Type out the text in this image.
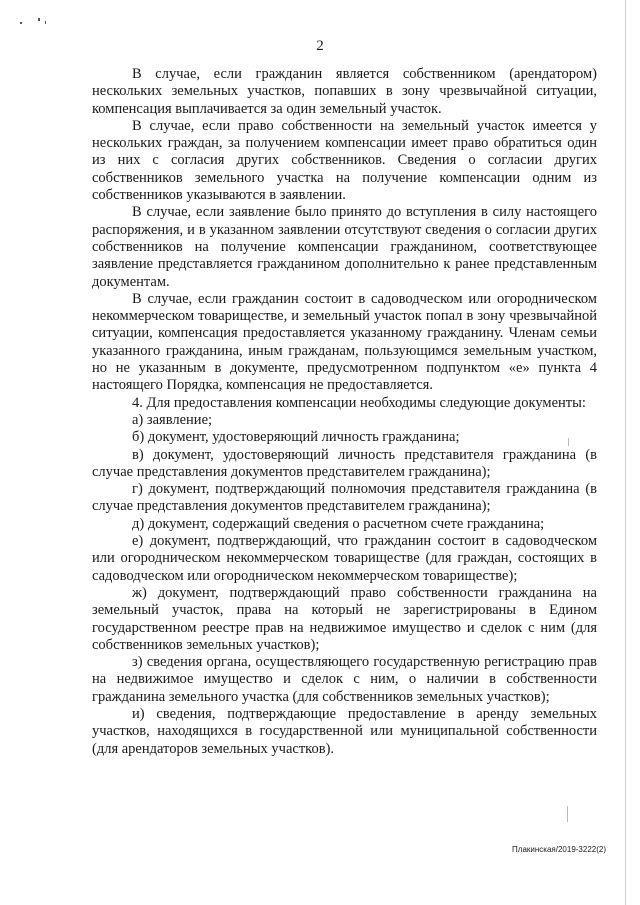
2

В случае, если гражданин является собственником (арендатором) нескольких земельных участков, попавших в зону чрезвычайной ситуации, компенсация выплачивается за один земельный участок.

В случае, если право собственности на земельный участок имеется у нескольких граждан, за получением компенсации имеет право обратиться один из них с согласия других собственников. Сведения о согласии других собственников земельного участка на получение компенсации одним из собственников указываются в заявлении.

В случае, если заявление было принято до вступления в силу настоящего распоряжения, и в указанном заявлении отсутствуют сведения о согласии других собственников на получение компенсации гражданином, соответствующее заявление представляется гражданином дополнительно к ранее представленным документам.

В случае, если гражданин состоит в садоводческом или огородническом некоммерческом товариществе, и земельный участок попал в зону чрезвычайной ситуации, компенсация предоставляется указанному гражданину. Членам семьи указанного гражданина, иным гражданам, пользующимся земельным участком, но не указанным в документе, предусмотренном подпунктом «е» пункта 4 настоящего Порядка, компенсация не предоставляется.

4. Для предоставления компенсации необходимы следующие документы:

а) заявление;

б) документ, удостоверяющий личность гражданина;

в) документ, удостоверяющий личность представителя гражданина (в случае представления документов представителем гражданина);

г) документ, подтверждающий полномочия представителя гражданина (в случае представления документов представителем гражданина);

д) документ, содержащий сведения о расчетном счете гражданина;

е) документ, подтверждающий, что гражданин состоит в садоводческом или огородническом некоммерческом товариществе (для граждан, состоящих в садоводческом или огородническом некоммерческом товариществе);

ж) документ, подтверждающий право собственности гражданина на земельный участок, права на который не зарегистрированы в Едином государственном реестре прав на недвижимое имущество и сделок с ним (для собственников земельных участков);

з) сведения органа, осуществляющего государственную регистрацию прав на недвижимое имущество и сделок с ним, о наличии в собственности гражданина земельного участка (для собственников земельных участков);

и) сведения, подтверждающие предоставление в аренду земельных участков, находящихся в государственной или муниципальной собственности (для арендаторов земельных участков).

Плакинская/2019-3222(2)
